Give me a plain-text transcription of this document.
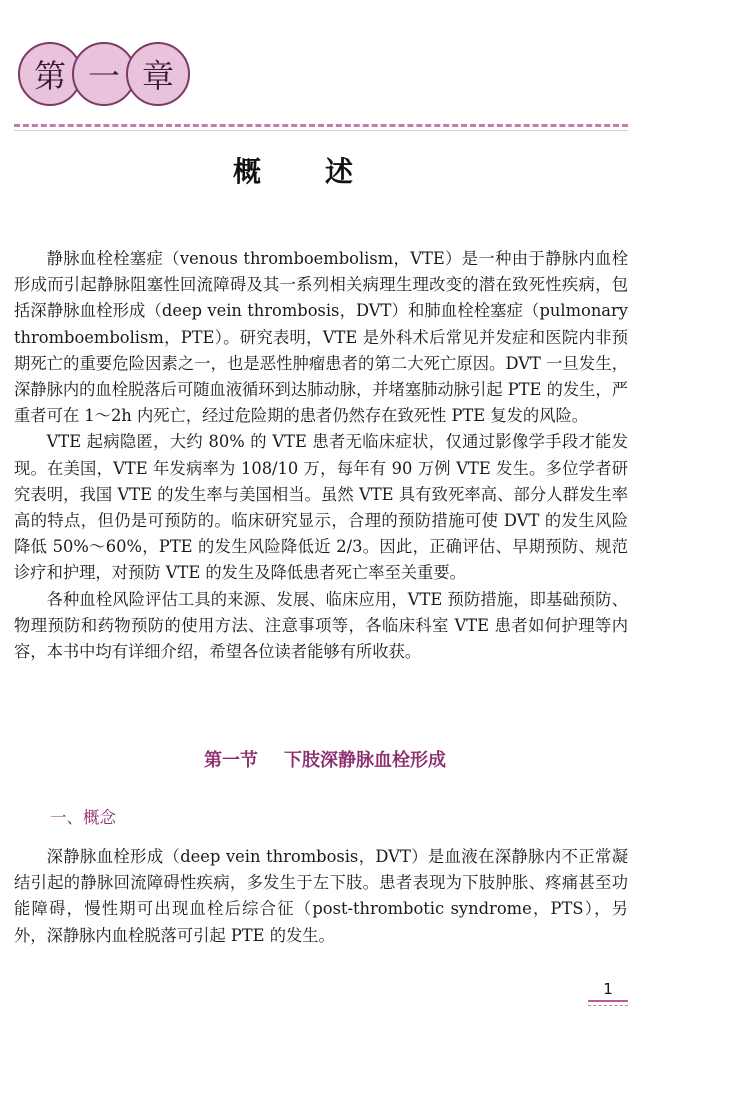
第 一 章
概述

静脉血栓栓塞症（venous thromboembolism，VTE）是一种由于静脉内血栓形成而引起静脉阻塞性回流障碍及其一系列相关病理生理改变的潜在致死性疾病，包括深静脉血栓形成（deep vein thrombosis，DVT）和肺血栓栓塞症（pulmonary thromboembolism，PTE）。研究表明，VTE 是外科术后常见并发症和医院内非预期死亡的重要危险因素之一，也是恶性肿瘤患者的第二大死亡原因。DVT 一旦发生，深静脉内的血栓脱落后可随血液循环到达肺动脉，并堵塞肺动脉引起 PTE 的发生，严重者可在 1～2h 内死亡，经过危险期的患者仍然存在致死性 PTE 复发的风险。

VTE 起病隐匿，大约 80% 的 VTE 患者无临床症状，仅通过影像学手段才能发现。在美国，VTE 年发病率为 108/10 万，每年有 90 万例 VTE 发生。多位学者研究表明，我国 VTE 的发生率与美国相当。虽然 VTE 具有致死率高、部分人群发生率高的特点，但仍是可预防的。临床研究显示，合理的预防措施可使 DVT 的发生风险降低 50%～60%，PTE 的发生风险降低近 2/3。因此，正确评估、早期预防、规范诊疗和护理，对预防 VTE 的发生及降低患者死亡率至关重要。

各种血栓风险评估工具的来源、发展、临床应用，VTE 预防措施，即基础预防、物理预防和药物预防的使用方法、注意事项等，各临床科室 VTE 患者如何护理等内容，本书中均有详细介绍，希望各位读者能够有所收获。

第一节 下肢深静脉血栓形成
一、概念

深静脉血栓形成（deep vein thrombosis，DVT）是血液在深静脉内不正常凝结引起的静脉回流障碍性疾病，多发生于左下肢。患者表现为下肢肿胀、疼痛甚至功能障碍，慢性期可出现血栓后综合征（post-thrombotic syndrome，PTS），另外，深静脉内血栓脱落可引起 PTE 的发生。

1
